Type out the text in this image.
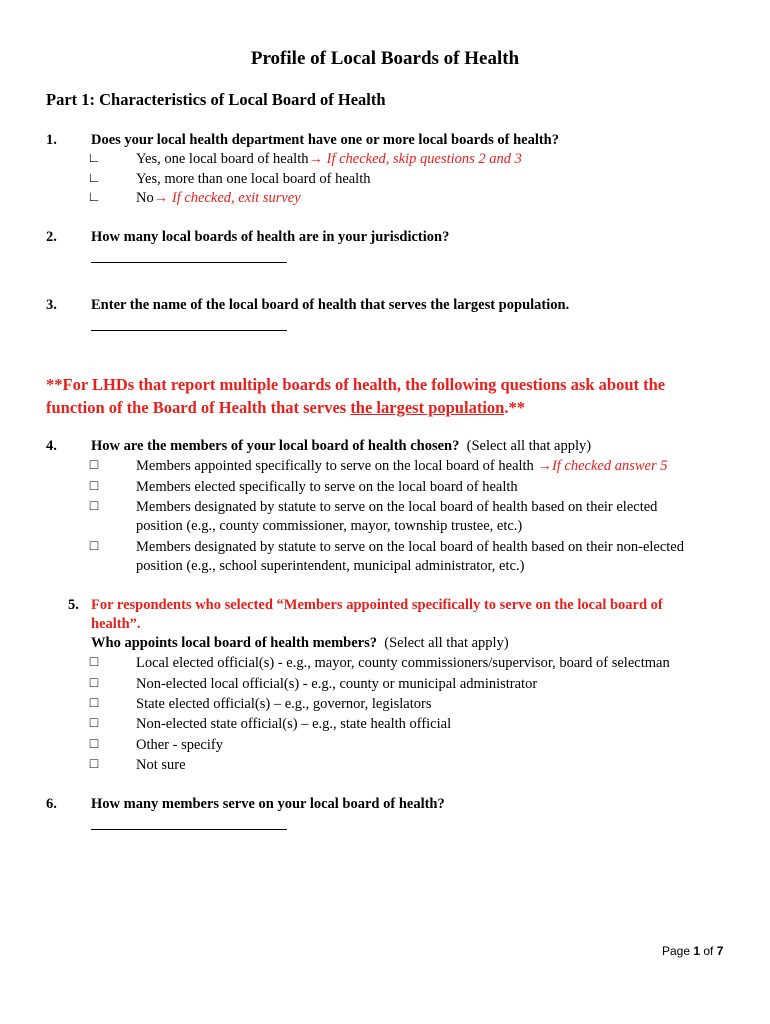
Profile of Local Boards of Health
Part 1: Characteristics of Local Board of Health
1. Does your local health department have one or more local boards of health?
∟ Yes, one local board of health→ If checked, skip questions 2 and 3
∟ Yes, more than one local board of health
∟ No→ If checked, exit survey
2. How many local boards of health are in your jurisdiction?
3. Enter the name of the local board of health that serves the largest population.
**For LHDs that report multiple boards of health, the following questions ask about the
function of the Board of Health that serves the largest population.**
4. How are the members of your local board of health chosen? (Select all that apply)
□	Members appointed specifically to serve on the local board of health →If checked answer 5
□	Members elected specifically to serve on the local board of health
□	Members designated by statute to serve on the local board of health based on their elected
position (e.g., county commissioner, mayor, township trustee, etc.)
□	Members designated by statute to serve on the local board of health based on their non-elected
position (e.g., school superintendent, municipal administrator, etc.)
5. For respondents who selected “Members appointed specifically to serve on the local board of
health”.
Who appoints local board of health members? (Select all that apply)
□	Local elected official(s) - e.g., mayor, county commissioners/supervisor, board of selectman
□	Non-elected local official(s) - e.g., county or municipal administrator
□	State elected official(s) – e.g., governor, legislators
□	Non-elected state official(s) – e.g., state health official
□	Other - specify
□	Not sure
6. How many members serve on your local board of health?
Page 1 of 7
